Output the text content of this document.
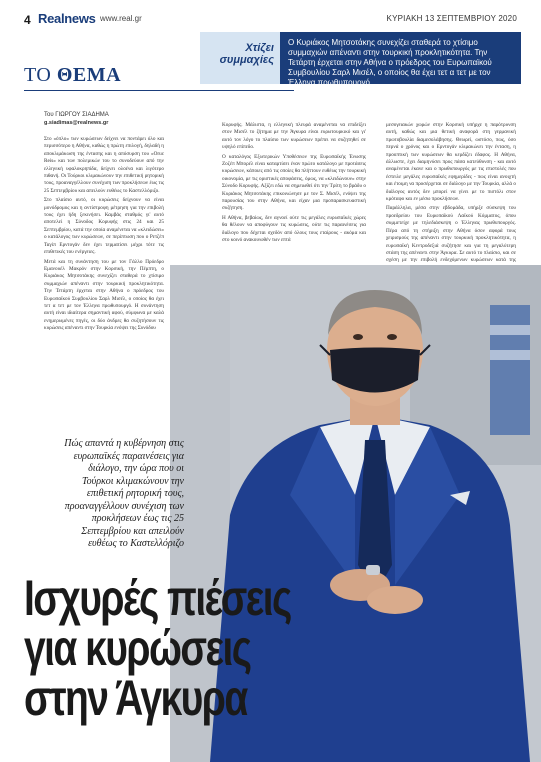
4 Realnews www.real.gr	ΚΥΡΙΑΚΗ 13 ΣΕΠΤΕΜΒΡΙΟΥ 2020
ΤΟ ΘΕΜΑ
Χτίζει
συμμαχίες
Ο Κυριάκος Μητσοτάκης συνεχίζει σταθερά το χτίσιμο συμμαχιών απέναντι στην τουρκική προκλητικότητα. Την Τετάρτη έρχεται στην Αθήνα ο πρόεδρος του Ευρωπαϊκού Συμβουλίου Σαρλ Μισέλ, ο οποίος θα έχει τετ α τετ με τον Έλληνα πρωθυπουργό
Του ΓΙΩΡΓΟΥ ΣΙΑΔΗΜΑ
g.siadimas@realnews.gr

Στο «όπλο» των κυρώσεων δείχνει να ποντάρει όλο και περισσότερο η Αθήνα, καθώς η πρώτη επιλογή, δηλαδή η αποκλιμάκωση της έντασης και η απόσυρση του «Oruc Reis» και των πολεμικών του το συνοδεύουν από την ελληνική υφαλοκρηπίδα, δείχνει ολοένα και λιγότερο πιθανή. Οι Τούρκοι κλιμακώνουν την επιθετική ρητορική τους, προαναγγέλλουν συνέχιση των προκλήσεων έως τις 25 Σεπτεμβρίου και απειλούν ευθέως το Καστελλόριζο.

Στο πλαίσιο αυτό, οι κυρώσεις δείχνουν να είναι μονόδρομος και η αντίστροφη μέτρηση για την επιβολή τους έχει ήδη ξεκινήσει. Καμβάς σταθμός γι' αυτό αποτελεί η Σύνοδος Κορυφής στις 24 και 25 Σεπτεμβρίου, κατά την οποία αναμένεται να «κλειδώσει» ο κατάλογος των κυρώσεων, σε περίπτωση που ο Ρετζέπ Ταγίπ Ερντογάν δεν έχει τερματίσει μέχρι τότε τις επιθετικές του ενέργειες.

Μετά και τη συνάντηση του με τον Γάλλο Πρόεδρο Εμανουέλ Μακρόν στην Κορσική, την Πέμπτη, ο Κυριάκος Μητσοτάκης συνεχίζει σταθερά το χτίσιμο συμμαχιών απέναντι στην τουρκική προκλητικότητα. Την Τετάρτη έρχεται στην Αθήνα ο πρόεδρος του Ευρωπαϊκού Συμβουλίου Σαρλ Μισέλ, ο οποίος θα έχει τετ α τετ με τον Έλληνα πρωθυπουργό. Η συνάντηση αυτή είναι ιδιαίτερα σημαντική αφού, σύμφωνα με καλά ενημερωμένες πηγές, οι δύο άνδρες θα συζητήσουν τις κυρώσεις απέναντι στην Τουρκία ενόψει της Συνόδου

Κορυφής. Μάλιστα, η ελληνική πλευρά αναμένεται να επιδείξει στον Μισέλ το ζήτημα με την Άγκυρα είναι ευρωτουρκικό και γι' αυτό τον λόγο το πλαίσιο των κυρώσεων πρέπει να συζητηθεί σε υψηλό επίπεδο.

Ο καταλόγος Εξωτερικών Υποθέσεων της Ευρωπαϊκής Ένωσης Ζοζέπ Μπορέλ είναι καταρτίσει έναν πρώτο κατάλογο με προτάσεις κυρώσεων, κάποιες από τις οποίες θα πλήττουν ευθέως την τουρκική οικονομία, με τις οριστικές αποφάσεις, όμως, να «κλειδώνουν» στην Σύνοδο Κορυφής. Αξίζει εδώ να σημειωθεί ότι την Τρίτη το βράδυ ο Κυριάκος Μητσοτάκης επικοινώνησε με τον Σ. Μισέλ, ενόψει της παρουσίας του στην Αθήνα, και είχαν μια προπαρασκευαστική συζήτηση.

Η Αθήνα, βεβαίως, δεν αγνοεί ούτε τις μεγάλες ευρωπαϊκές χώρες θα θέλουν να αποφύγουν τις κυρώσεις, ούτε τις παραινέσεις για διάλογο που δέχεται σχεδόν από όλους τους εταίρους - ακόμα και στο κοινό ανακοινωθέν των επτά

μεσογειακών χωρών στην Κορσική υπήρχε η παρότρυνση αυτή, καθώς και μια θετική αναφορά στη γερμανική πρωτοβουλία διαμεσολάβησης. Θεωρεί, ωστόσο, πως, όσο περνά ο χρόνος και ο Ερντογάν κλιμακώνει την ένταση, η προοπτική των κυρώσεων θα κερδίζει έδαφος. Η Αθήνα, άλλωστε, έχει διαμηνύσει προς πάσα κατεύθυνση - και αυτό αναμένεται έκανε και ο πρωθυπουργός με τις επιστολές που έστειλε μεγάλες ευρωπαϊκές εφημερίδες - πως είναι ανοιχτή και έτοιμη να προσέρχεται σε διάλογο με την Τουρκία, αλλά ο διάλογος αυτός δεν μπορεί να γίνει με το πιστόλι στον κρόταφο και εν μέσω προκλήσεων.

Παράλληλα, μέσα στην εβδομάδα, υπήρξε σύσκεψη του προεδρείου του Ευρωπαϊκού Λαϊκού Κόμματος, όπου συμμετείχε με τηλεδιάσκεψη ο Έλληνας πρωθυπουργός. Πέρα από τη στήριξη στην Αθήνα όσον αφορά τους χειρισμούς της απέναντι στην τουρκική προκλητικότητα, η ευρωπαϊκή Κεντροδεξιά συζήτησε και για τη μεγαλύτερη στάση της απέναντι στην Άγκυρα. Σε αυτό το πλαίσιο, και σε σχέση με την επιβολή ενδεχόμενων κυρώσεων κατά της

Πώς απαντά η κυβέρνηση στις ευρωπαϊκές παραινέσεις για διάλογο, την ώρα που οι Τούρκοι κλιμακώνουν την επιθετική ρητορική τους, προαναγγέλλουν συνέχιση των προκλήσεων έως τις 25 Σεπτεμβρίου και απειλούν ευθέως το Καστελλόριζο
Ισχυρές πιέσεις
για κυρώσεις
στην Άγκυρα
